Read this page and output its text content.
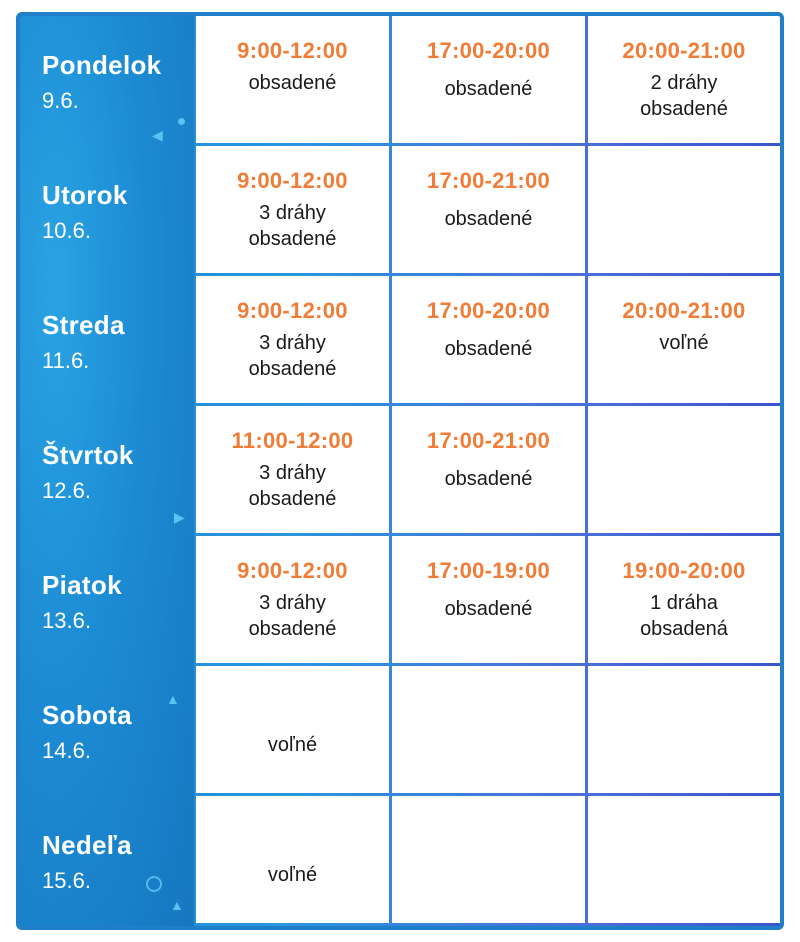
◀
▶
▲
▲
Pondelok
9.6.
9:00-12:00
obsadené
17:00-20:00
obsadené
20:00-21:00
2 dráhy
obsadené
Utorok
10.6.
9:00-12:00
3 dráhy
obsadené
17:00-21:00
obsadené
Streda
11.6.
9:00-12:00
3 dráhy
obsadené
17:00-20:00
obsadené
20:00-21:00
voľné
Štvrtok
12.6.
11:00-12:00
3 dráhy
obsadené
17:00-21:00
obsadené
Piatok
13.6.
9:00-12:00
3 dráhy
obsadené
17:00-19:00
obsadené
19:00-20:00
1 dráha
obsadená
Sobota
14.6.	voľné
Nedeľa
15.6.	voľné
